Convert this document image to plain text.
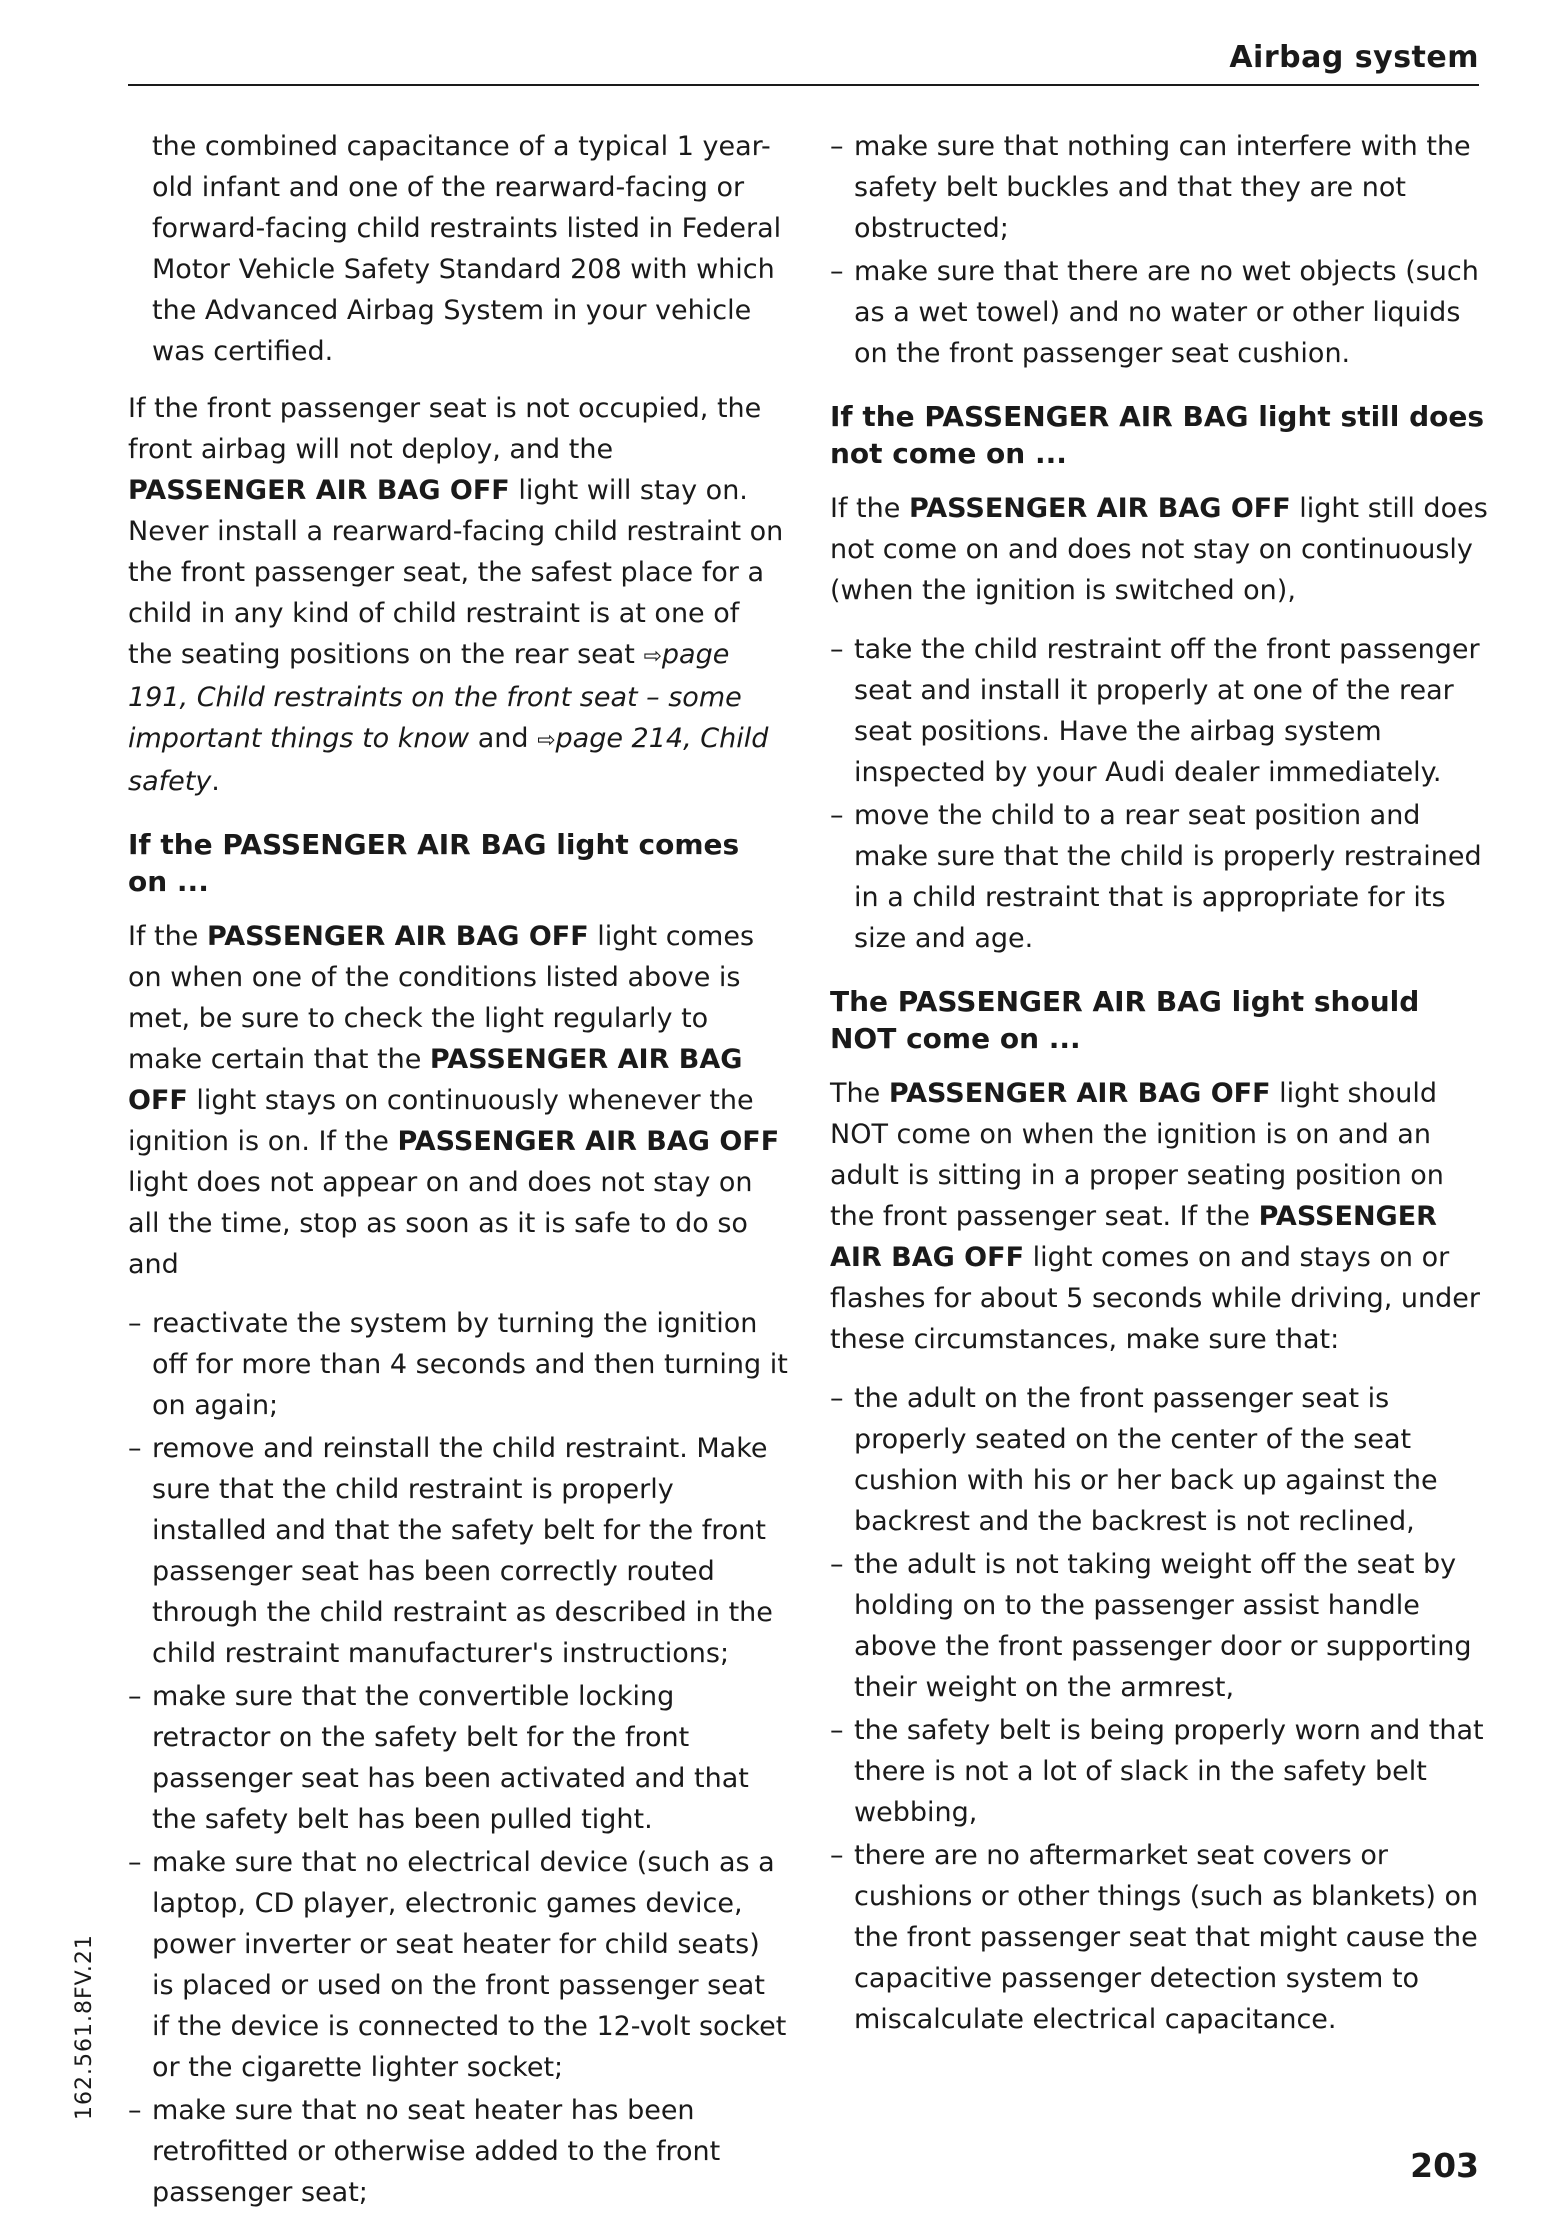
Airbag system

the combined capacitance of a typical 1 year-old infant and one of the rearward-facing or forward-facing child restraints listed in Federal Motor Vehicle Safety Standard 208 with which the Advanced Airbag System in your vehicle was certified.

If the front passenger seat is not occupied, the front airbag will not deploy, and the PASSENGER AIR BAG OFF light will stay on. Never install a rearward-facing child restraint on the front passenger seat, the safest place for a child in any kind of child restraint is at one of the seating positions on the rear seat ⇨page 191, Child restraints on the front seat – some important things to know and ⇨page 214, Child safety.

If the PASSENGER AIR BAG light comes on ...

If the PASSENGER AIR BAG OFF light comes on when one of the conditions listed above is met, be sure to check the light regularly to make certain that the PASSENGER AIR BAG OFF light stays on continuously whenever the ignition is on. If the PASSENGER AIR BAG OFF light does not appear on and does not stay on all the time, stop as soon as it is safe to do so and

– reactivate the system by turning the ignition off for more than 4 seconds and then turning it on again;
– remove and reinstall the child restraint. Make sure that the child restraint is properly installed and that the safety belt for the front passenger seat has been correctly routed through the child restraint as described in the child restraint manufacturer's instructions;
– make sure that the convertible locking retractor on the safety belt for the front passenger seat has been activated and that the safety belt has been pulled tight.
– make sure that no electrical device (such as a laptop, CD player, electronic games device, power inverter or seat heater for child seats) is placed or used on the front passenger seat if the device is connected to the 12-volt socket or the cigarette lighter socket;
– make sure that no seat heater has been retrofitted or otherwise added to the front passenger seat;
– make sure that nothing can interfere with the safety belt buckles and that they are not obstructed;
– make sure that there are no wet objects (such as a wet towel) and no water or other liquids on the front passenger seat cushion.
If the PASSENGER AIR BAG light still does not come on ...

If the PASSENGER AIR BAG OFF light still does not come on and does not stay on continuously (when the ignition is switched on),

– take the child restraint off the front passenger seat and install it properly at one of the rear seat positions. Have the airbag system inspected by your Audi dealer immediately.
– move the child to a rear seat position and make sure that the child is properly restrained in a child restraint that is appropriate for its size and age.
The PASSENGER AIR BAG light should NOT come on ...

The PASSENGER AIR BAG OFF light should NOT come on when the ignition is on and an adult is sitting in a proper seating position on the front passenger seat. If the PASSENGER AIR BAG OFF light comes on and stays on or flashes for about 5 seconds while driving, under these circumstances, make sure that:

– the adult on the front passenger seat is properly seated on the center of the seat cushion with his or her back up against the backrest and the backrest is not reclined,
– the adult is not taking weight off the seat by holding on to the passenger assist handle above the front passenger door or supporting their weight on the armrest,
– the safety belt is being properly worn and that there is not a lot of slack in the safety belt webbing,
– there are no aftermarket seat covers or cushions or other things (such as blankets) on the front passenger seat that might cause the capacitive passenger detection system to miscalculate electrical capacitance.
162.561.8FV.21
203
